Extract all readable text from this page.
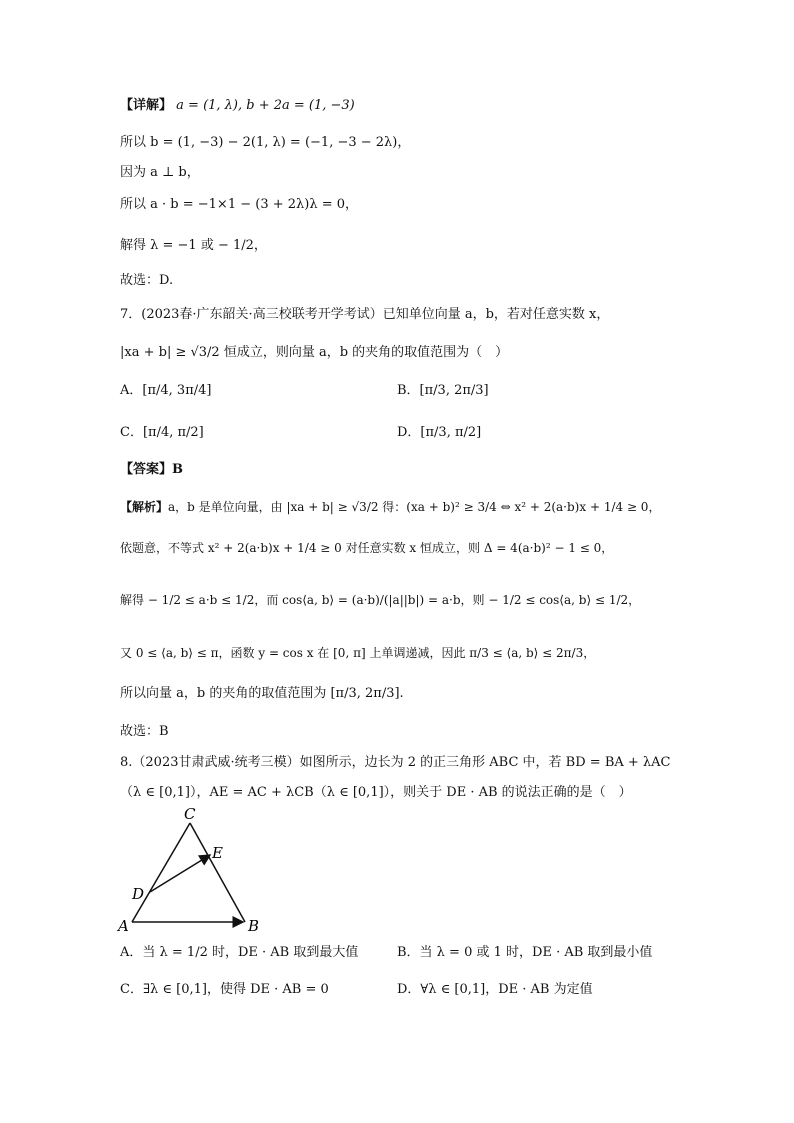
【详解】 a = (1, λ), b + 2a = (1, −3)
所以 b = (1, −3) − 2(1, λ) = (−1, −3 − 2λ)，
因为 a ⊥ b，
所以 a · b = −1×1 − (3 + 2λ)λ = 0，
解得 λ = −1 或 − 1/2，
故选：D.
7．(2023春·广东韶关·高三校联考开学考试）已知单位向量 a，b，若对任意实数 x，
|xa + b| ≥ √3/2 恒成立，则向量 a，b 的夹角的取值范围为（　）
A．[π/4, 3π/4]	B．[π/3, 2π/3]
C．[π/4, π/2]	D．[π/3, π/2]
【答案】B
【解析】a，b 是单位向量，由 |xa + b| ≥ √3/2 得：(xa + b)² ≥ 3/4 ⇔ x² + 2(a·b)x + 1/4 ≥ 0，
依题意，不等式 x² + 2(a·b)x + 1/4 ≥ 0 对任意实数 x 恒成立，则 Δ = 4(a·b)² − 1 ≤ 0，
解得 − 1/2 ≤ a·b ≤ 1/2，而 cos⟨a, b⟩ = (a·b)/(|a||b|) = a·b，则 − 1/2 ≤ cos⟨a, b⟩ ≤ 1/2，
又 0 ≤ ⟨a, b⟩ ≤ π，函数 y = cos x 在 [0, π] 上单调递减，因此 π/3 ≤ ⟨a, b⟩ ≤ 2π/3，
所以向量 a，b 的夹角的取值范围为 [π/3, 2π/3].
故选：B
8.（2023甘肃武威·统考三模）如图所示，边长为 2 的正三角形 ABC 中，若 BD = BA + λAC
（λ ∈ [0,1]），AE = AC + λCB（λ ∈ [0,1]），则关于 DE · AB 的说法正确的是（　）
C
E
D
A	B
A．当 λ = 1/2 时，DE · AB 取到最大值	B．当 λ = 0 或 1 时，DE · AB 取到最小值
C．∃λ ∈ [0,1]，使得 DE · AB = 0	D．∀λ ∈ [0,1]，DE · AB 为定值
